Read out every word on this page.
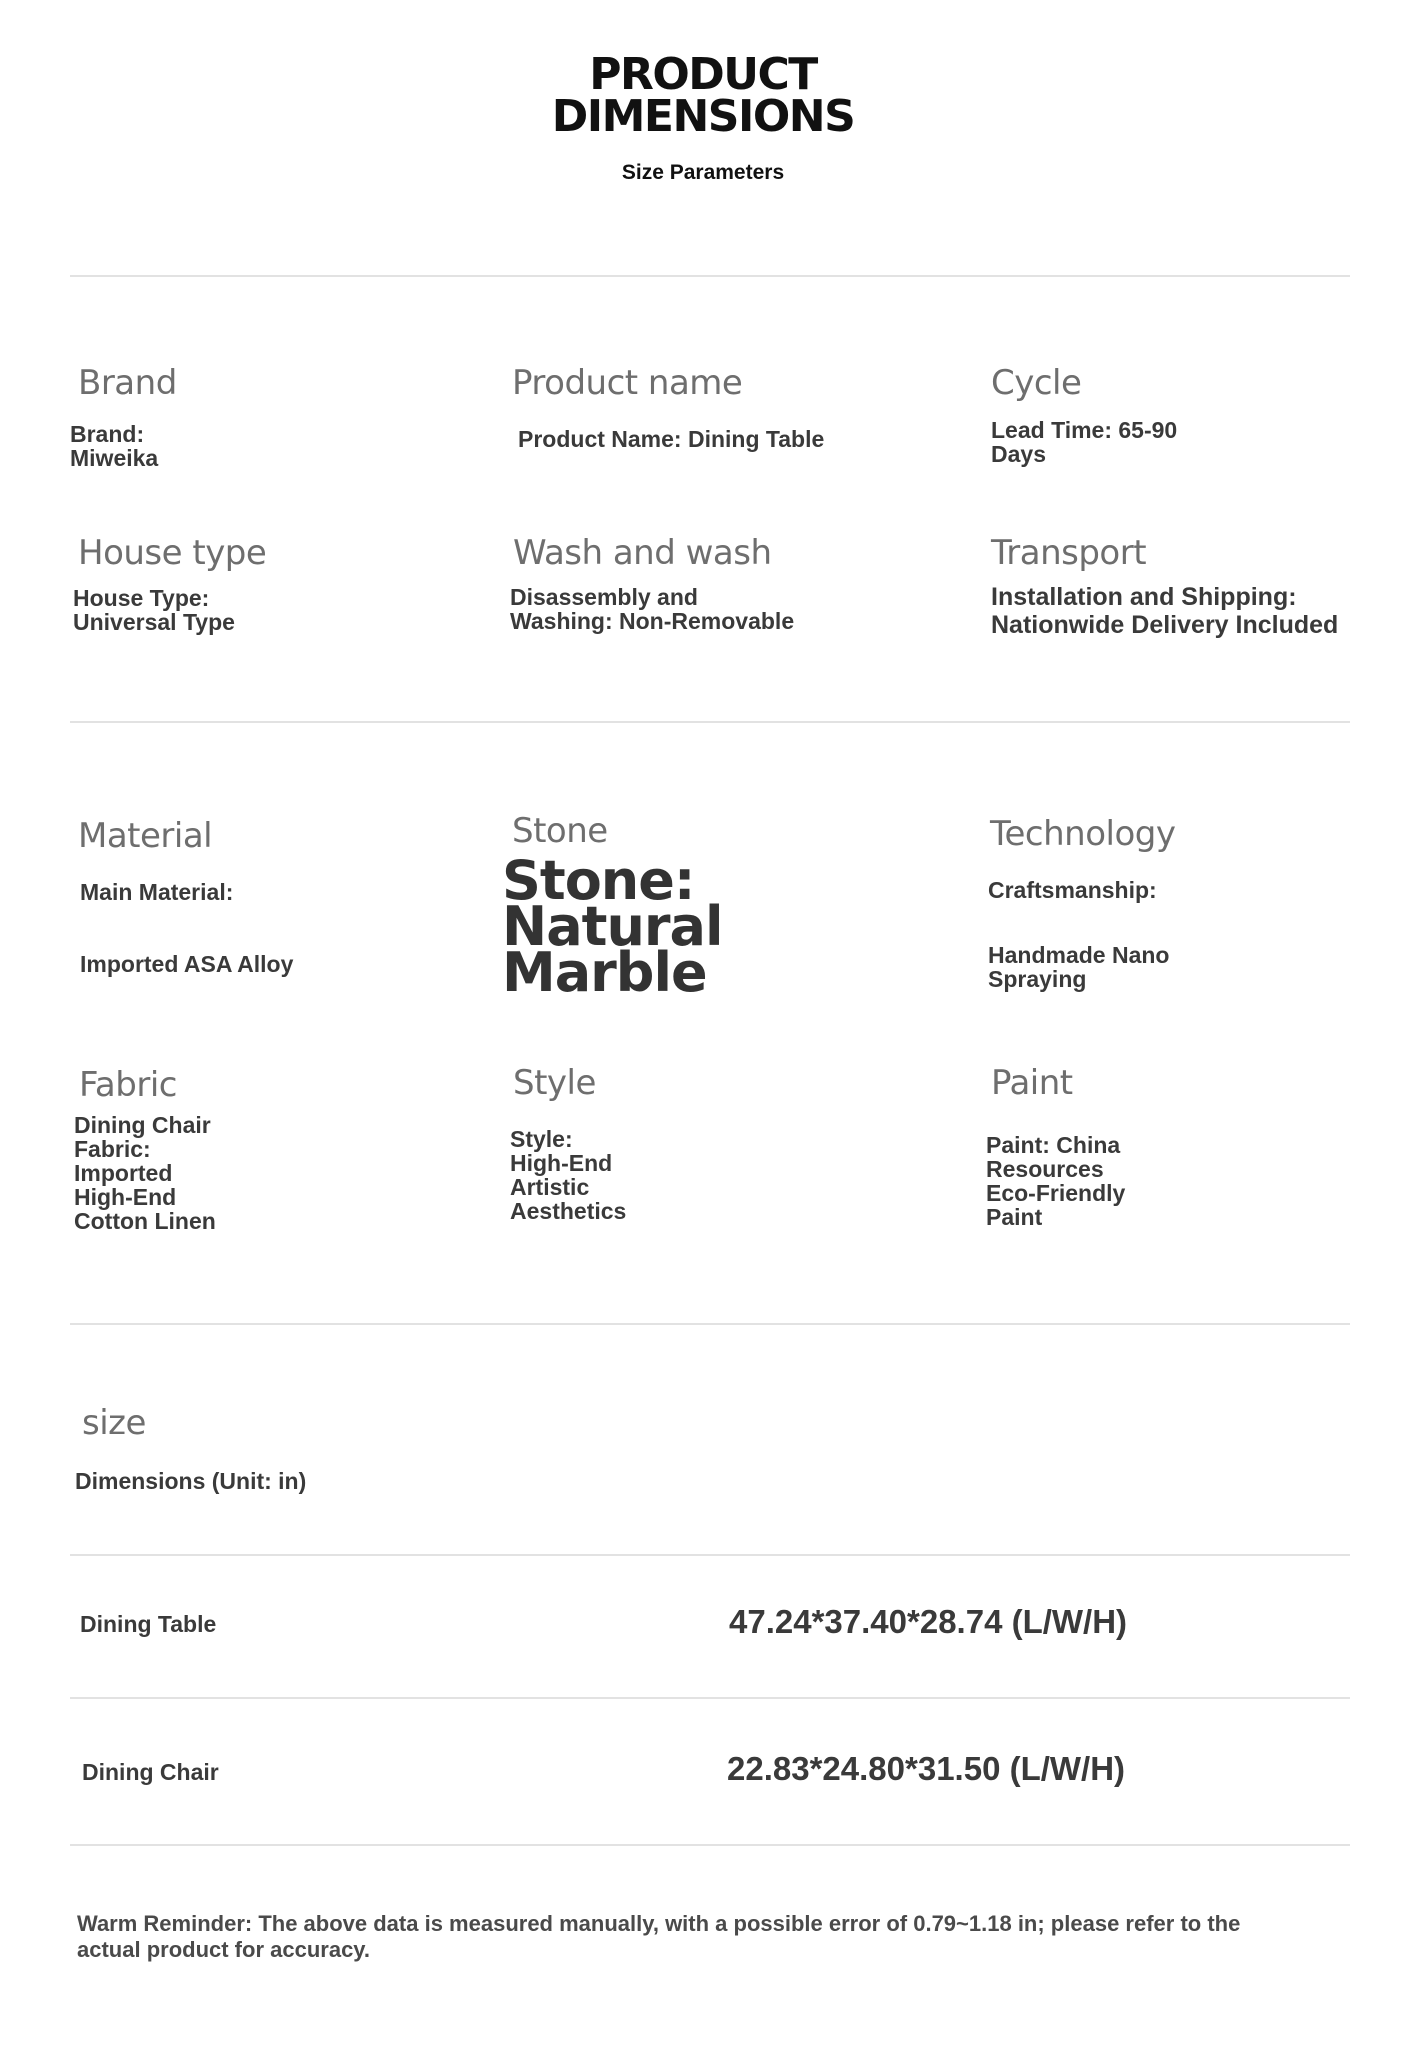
PRODUCT
DIMENSIONS
Size Parameters
Brand
Brand:
Miweika
Product name
Product Name: Dining Table
Cycle
Lead Time: 65-90
Days
House type
House Type:
Universal Type
Wash and wash
Disassembly and
Washing: Non-Removable
Transport
Installation and Shipping:
Nationwide Delivery Included
Material
Main Material:
Imported ASA Alloy
Stone
Stone:
Natural
Marble
Technology
Craftsmanship:
Handmade Nano
Spraying
Fabric
Dining Chair
Fabric:
Imported
High-End
Cotton Linen
Style
Style:
High-End
Artistic
Aesthetics
Paint
Paint: China
Resources
Eco-Friendly
Paint
size
Dimensions (Unit: in)
Dining Table	47.24*37.40*28.74 (L/W/H)
Dining Chair	22.83*24.80*31.50 (L/W/H)
Warm Reminder: The above data is measured manually, with a possible error of 0.79~1.18 in; please refer to the
actual product for accuracy.
